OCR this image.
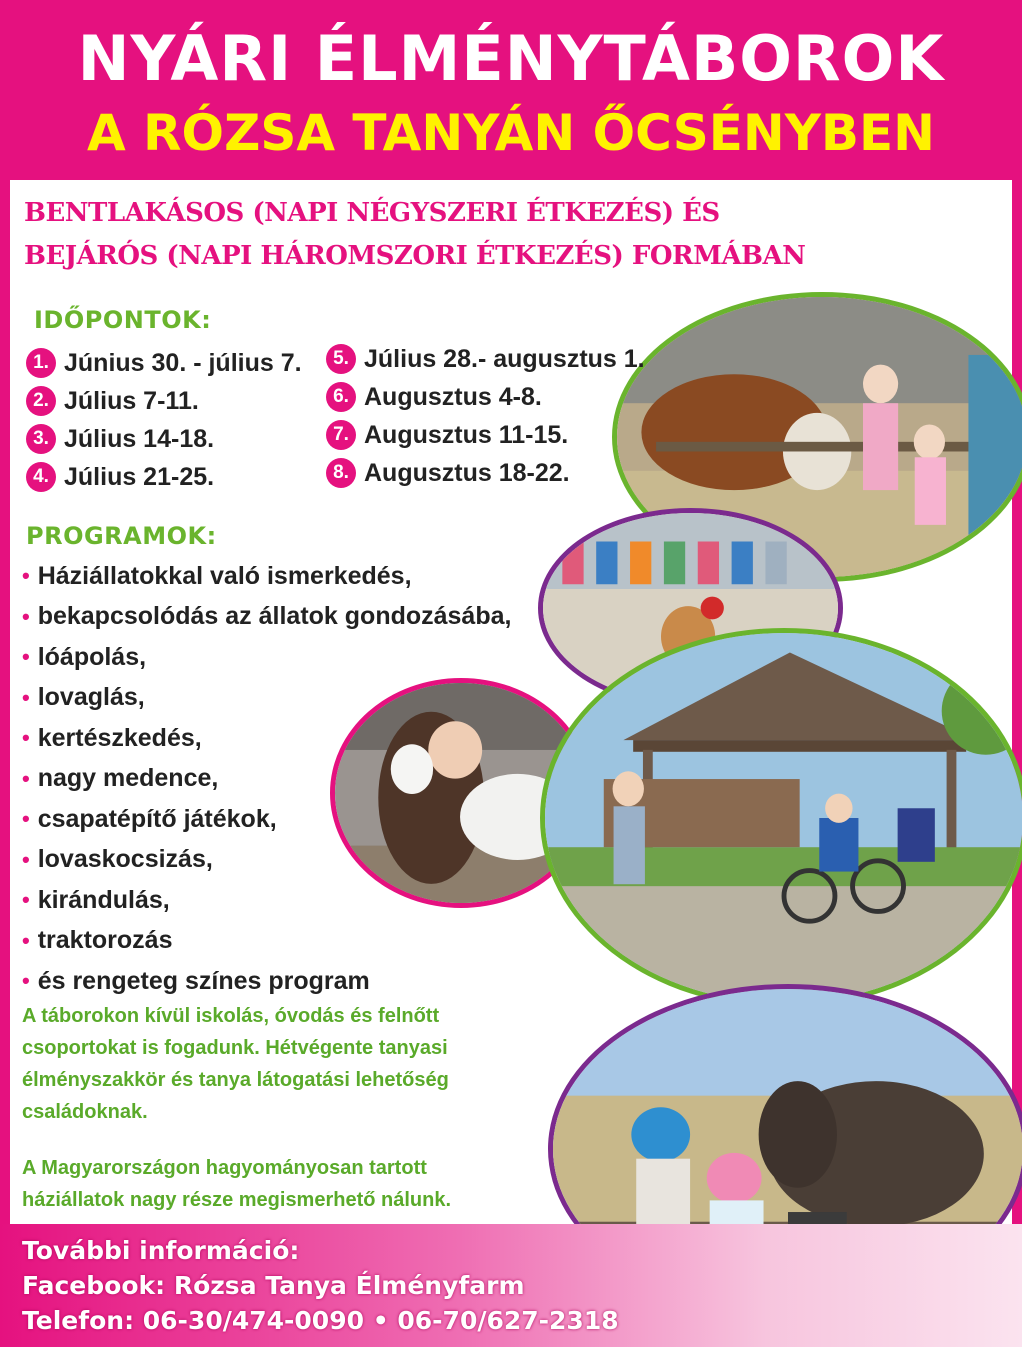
NYÁRI ÉLMÉNYTÁBOROK
A RÓZSA TANYÁN ŐCSÉNYBEN
BENTLAKÁSOS (NAPI NÉGYSZERI ÉTKEZÉS) ÉS
BEJÁRÓS (NAPI HÁROMSZORI ÉTKEZÉS) FORMÁBAN
IDŐPONTOK:
1. Június 30. - július 7.
2. Július 7-11.
3. Július 14-18.
4. Július 21-25.
5. Július 28.- augusztus 1.
6. Augusztus 4-8.
7. Augusztus 11-15.
8. Augusztus 18-22.
PROGRAMOK:
• Háziállatokkal való ismerkedés,
• bekapcsolódás az állatok gondozásába,
• lóápolás,
• lovaglás,
• kertészkedés,
• nagy medence,
• csapatépítő játékok,
• lovaskocsizás,
• kirándulás,
• traktorozás
• és rengeteg színes program
A táborokon kívül iskolás, óvodás és felnőtt csoportokat is fogadunk. Hétvégente tanyasi élményszakkör és tanya látogatási lehetőség családoknak.
A Magyarországon hagyományosan tartott háziállatok nagy része megismerhető nálunk.
További információ:
Facebook: Rózsa Tanya Élményfarm
Telefon: 06-30/474-0090 • 06-70/627-2318
